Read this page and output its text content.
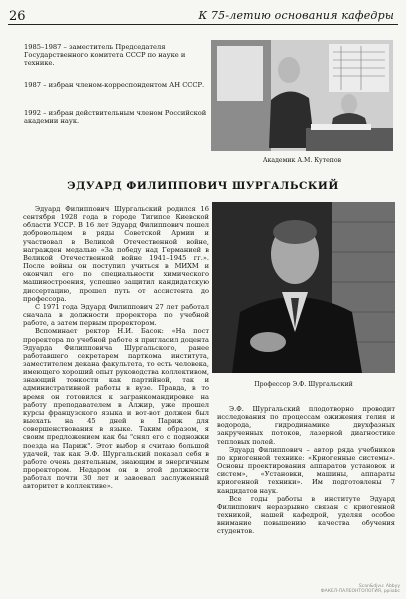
26	К 75-летию основания кафедры
1985–1987 – заместитель Председателя Государственного комитета СССР по науке и технике.
1987 – избран членом-корреспондентом АН СССР.
1992 – избран действительным членом Российской академии наук.
Академик А.М. Кутепов
ЭДУАРД ФИЛИППОВИЧ ШУРГАЛЬСКИЙ

Эдуард Филиппович Шургальский родился 16 сентября 1928 года в городе Тигипсе Киевской области УССР. В 16 лет Эдуард Филиппович пошел добровольцем в ряды Советской Армии и участвовал в Великой Отечественной войне, награжден медалью «За победу над Германией в Великой Отечественной войне 1941–1945 гг.». После войны он поступил учиться в МИХМ и окончил его по специальности химического машиностроения, успешно защитил кандидатскую диссертацию, прошел путь от ассистента до профессора.

С 1971 года Эдуард Филиппович 27 лет работал сначала в должности проректора по учебной работе, а затем первым проректором.

Вспоминает ректор Н.И. Басок: «На пост проректора по учебной работе я пригласил доцента Эдуарда Филипповича Шургальского, ранее работавшего секретарем парткома института, заместителем декана факультета, то есть человека, имеющего хороший опыт руководства коллективом, знающий тонкости как партийной, так и административной работы в вузе. Правда, в то время он готовился к загранкомандировке на работу преподавателем в Алжир, уже прошел курсы французского языка и вот-вот должен был выехать на 45 дней в Париж для совершенствования в языке. Таким образом, я своим предложением как бы "снял его с подножки поезда на Париж". Этот выбор я считаю большой удачей, так как Э.Ф. Шургальский показал себя в работе очень деятельным, знающим и энергичным проректором. Недаром он в этой должности работал почти 30 лет и завоевал заслуженный авторитет в коллективе».

Профессор Э.Ф. Шургальский

Э.Ф. Шургальский плодотворно проводит исследования по процессам ожижения гелия и водорода, гидродинамике двухфазных закрученных потоков, лазерной диагностике тепловых полей.

Эдуард Филиппович – автор ряда учебников по криогенной технике: «Криогенные системы». Основы проектирования аппаратов установок и систем», «Установки, машины, аппараты криогенной техники». Им подготовлены 7 кандидатов наук.

Все годы работы в институте Эдуард Филиппович неразрывно связан с криогенной техникой, нашей кафедрой, уделяя особое внимание повышению качества обучения студентов.

Scan&djvu: Abbyy
ФАКЕЛ-ПАЛЕОНТОЛОГИЯ, ppiiabc
